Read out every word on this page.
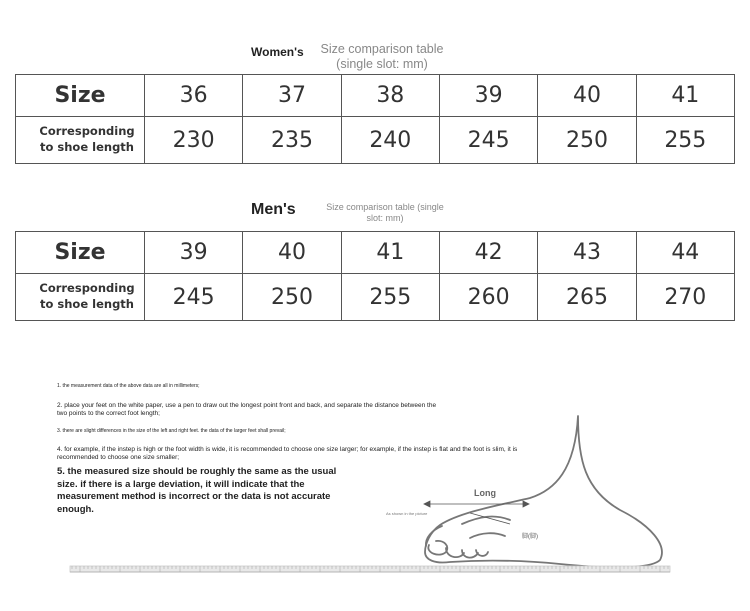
Women's	Size comparison table
(single slot: mm)
Size	36	37	38	39	40	41
Corresponding
to shoe length	230	235	240	245	250	255
Men's	Size comparison table (single
slot: mm)
Size	39	40	41	42	43	44
Corresponding
to shoe length	245	250	255	260	265	270
1. the measurement data of the above data are all in millimeters;
2. place your feet on the white paper, use a pen to draw out the longest point front and back, and separate the distance between the two points to the correct foot length;
3. there are slight differences in the size of the left and right feet. the data of the larger feet shall prevail;
4. for example, if the instep is high or the foot width is wide, it is recommended to choose one size larger; for example, if the instep is flat and the foot is slim, it is recommended to choose one size smaller;
5. the measured size should be roughly the same as the usual size. if there is a large deviation, it will indicate that the measurement method is incorrect or the data is not accurate enough.
Long
As shown in the picture
脚(脚)
